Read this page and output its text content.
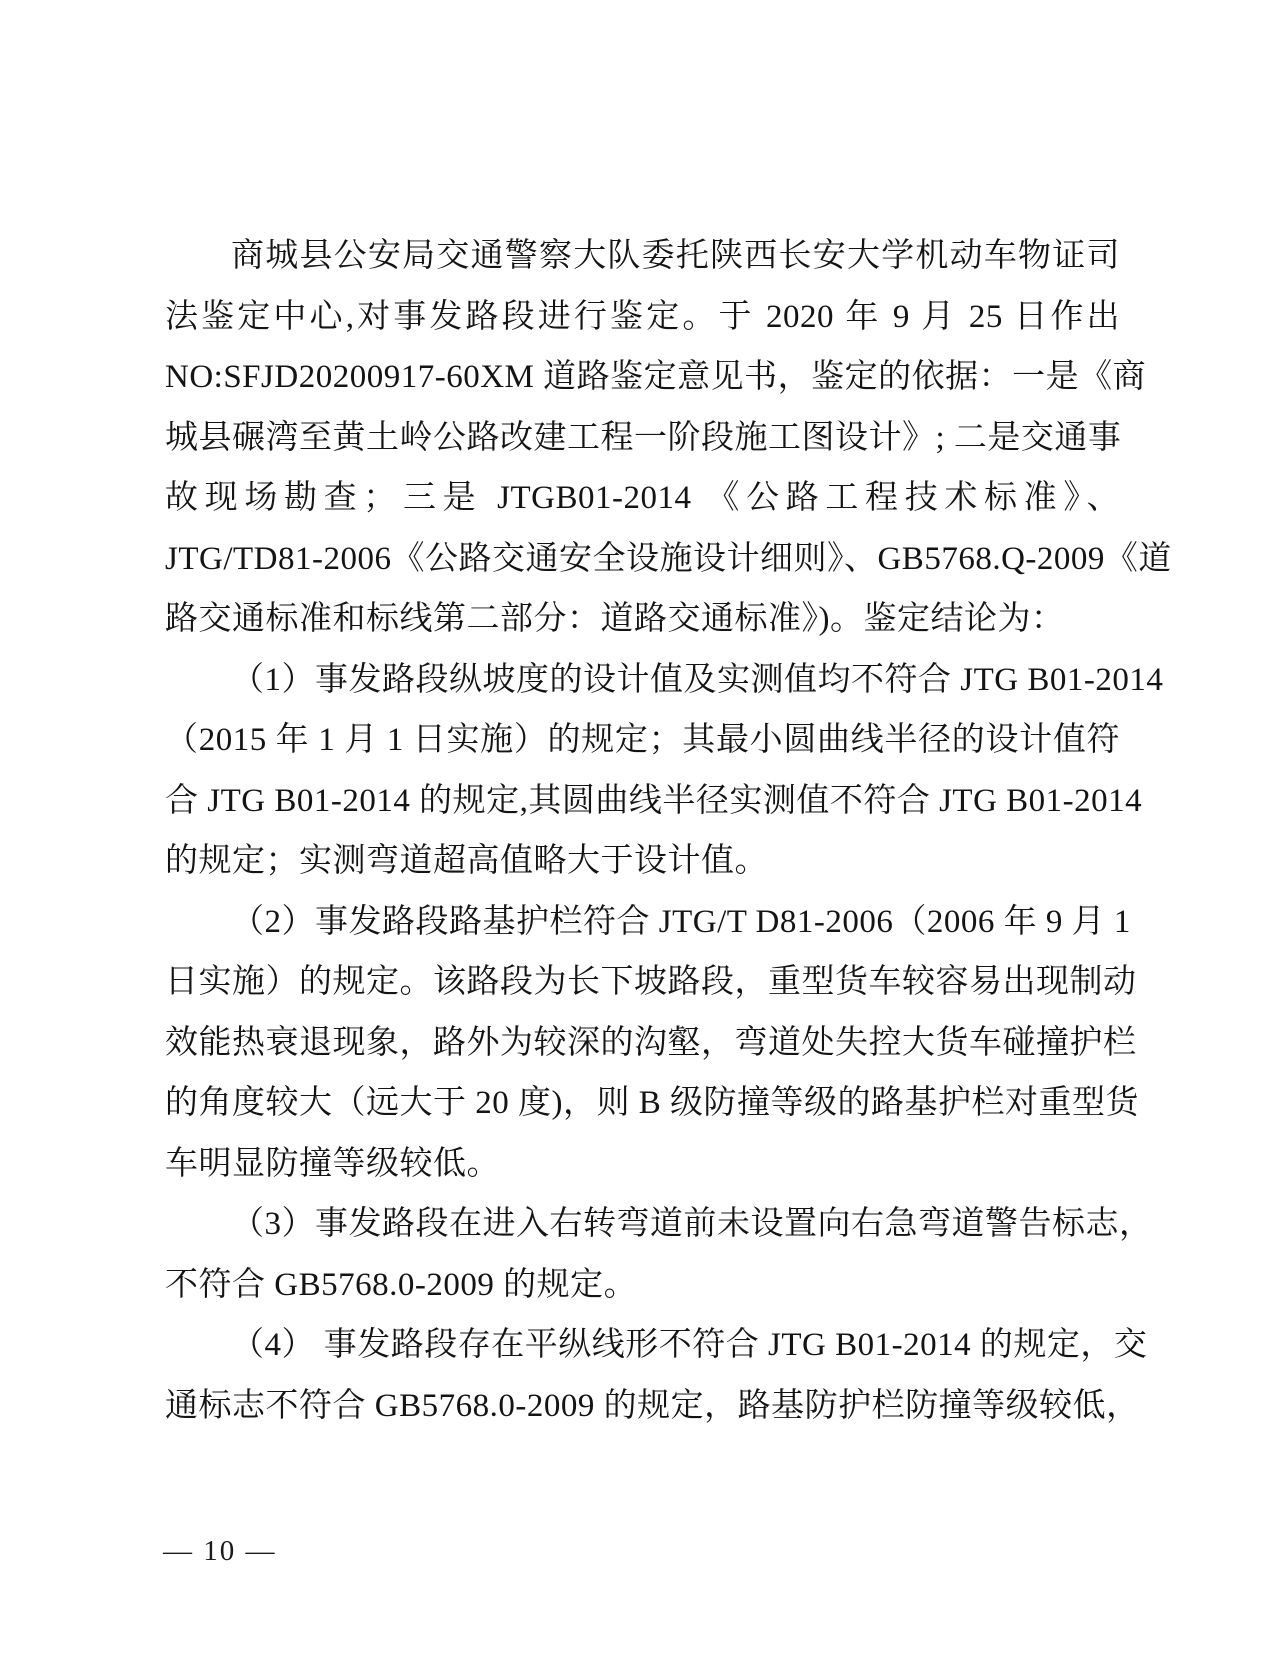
商城县公安局交通警察大队委托陕西长安大学机动车物证司
法鉴定中心,对事发路段进行鉴定。于 2020 年 9 月 25 日作出
NO:SFJD20200917-60XM 道路鉴定意见书，鉴定的依据：一是《商
城县碾湾至黄土岭公路改建工程一阶段施工图设计》; 二是交通事
故现场勘查；三是 JTGB01-2014 《公路工程技术标准》、
JTG/TD81-2006《公路交通安全设施设计细则》、GB5768.Q-2009《道
路交通标准和标线第二部分：道路交通标准》)。鉴定结论为：
（1）事发路段纵坡度的设计值及实测值均不符合 JTG B01-2014
（2015 年 1 月 1 日实施）的规定；其最小圆曲线半径的设计值符
合 JTG B01-2014 的规定,其圆曲线半径实测值不符合 JTG B01-2014
的规定；实测弯道超高值略大于设计值。
（2）事发路段路基护栏符合 JTG/T D81-2006（2006 年 9 月 1
日实施）的规定。该路段为长下坡路段，重型货车较容易出现制动
效能热衰退现象，路外为较深的沟壑，弯道处失控大货车碰撞护栏
的角度较大（远大于 20 度)，则 B 级防撞等级的路基护栏对重型货
车明显防撞等级较低。
（3）事发路段在进入右转弯道前未设置向右急弯道警告标志，
不符合 GB5768.0-2009 的规定。
（4） 事发路段存在平纵线形不符合 JTG B01-2014 的规定，交
通标志不符合 GB5768.0-2009 的规定，路基防护栏防撞等级较低，
— 10 —
